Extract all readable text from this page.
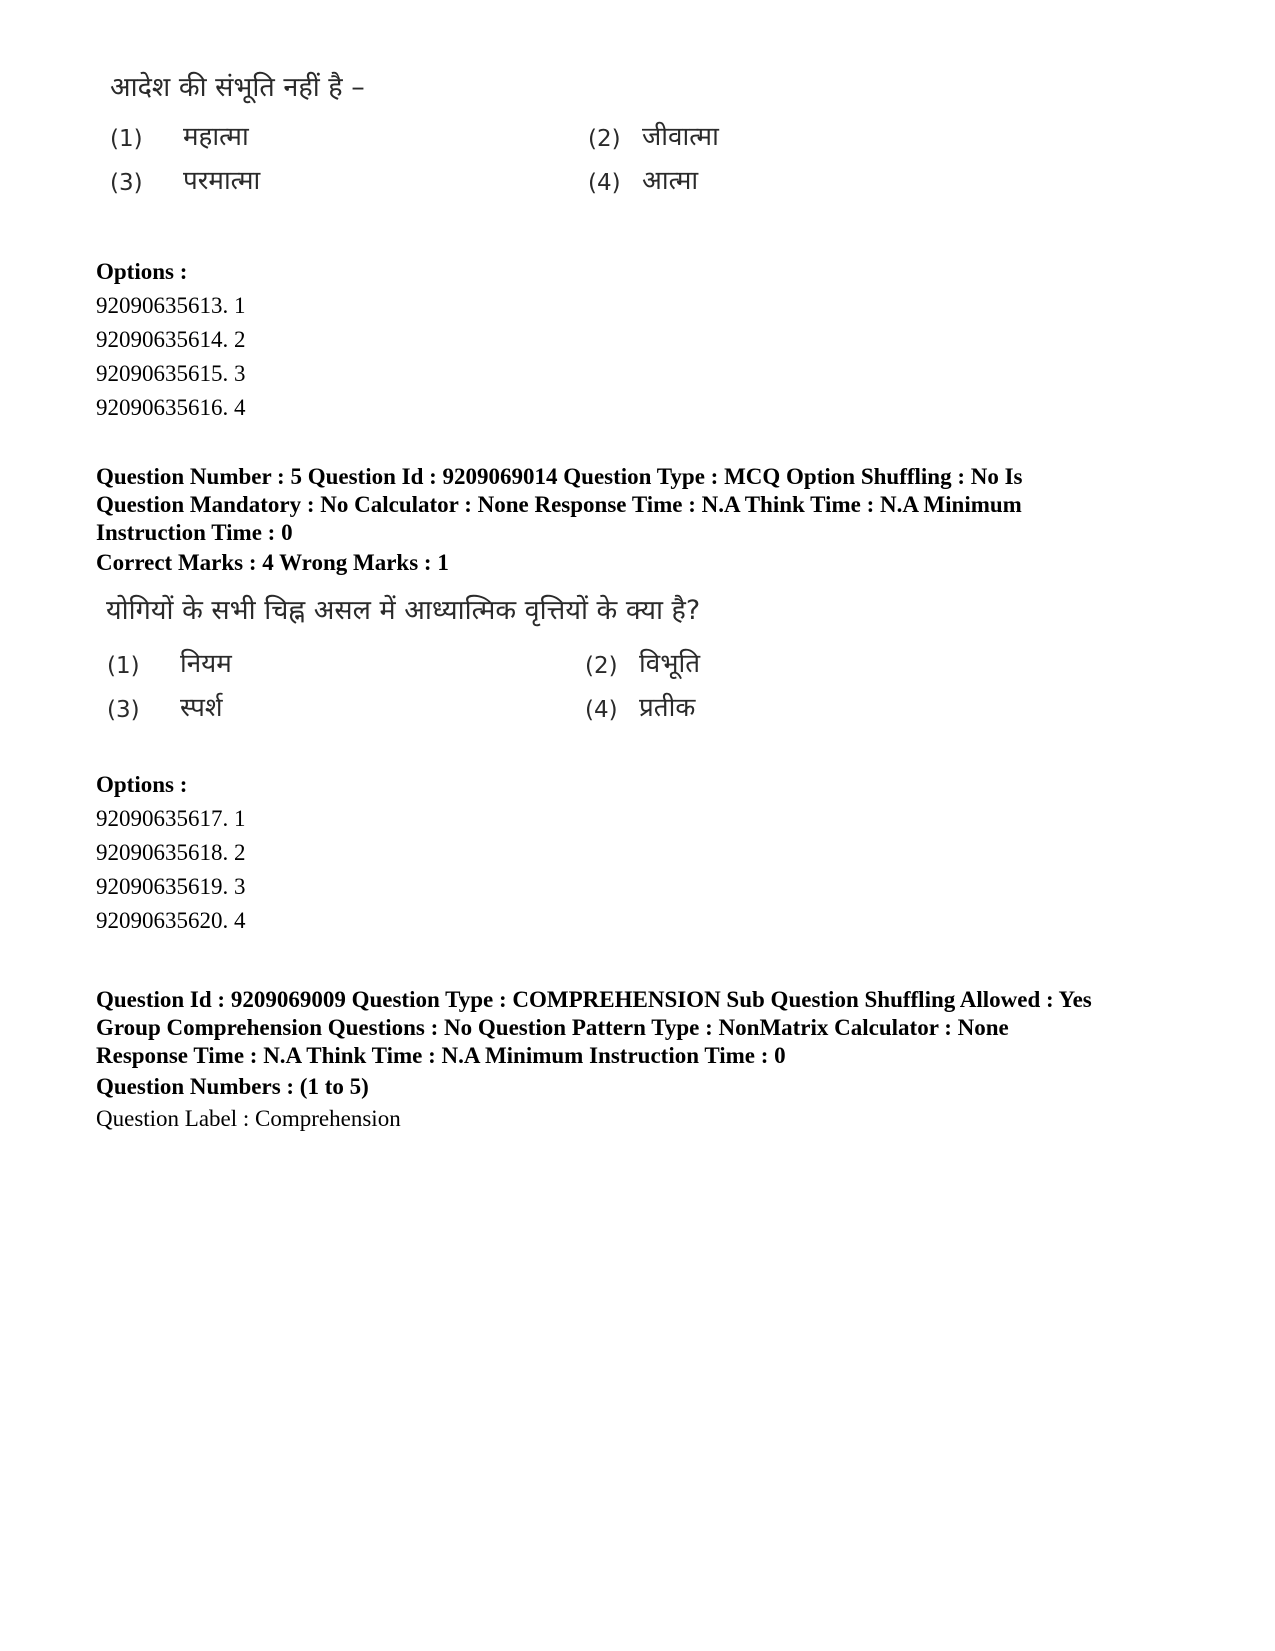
आदेश की संभूति नहीं है –
(1) महात्मा	(2) जीवात्मा
(3) परमात्मा	(4) आत्मा
Options :
92090635613. 1
92090635614. 2
92090635615. 3
92090635616. 4
Question Number : 5 Question Id : 9209069014 Question Type : MCQ Option Shuffling : No Is
Question Mandatory : No Calculator : None Response Time : N.A Think Time : N.A Minimum
Instruction Time : 0
Correct Marks : 4 Wrong Marks : 1
योगियों के सभी चिह्न असल में आध्यात्मिक वृत्तियों के क्या है?
(1) नियम	(2) विभूति
(3) स्पर्श	(4) प्रतीक
Options :
92090635617. 1
92090635618. 2
92090635619. 3
92090635620. 4
Question Id : 9209069009 Question Type : COMPREHENSION Sub Question Shuffling Allowed : Yes
Group Comprehension Questions : No Question Pattern Type : NonMatrix Calculator : None
Response Time : N.A Think Time : N.A Minimum Instruction Time : 0
Question Numbers : (1 to 5)
Question Label : Comprehension
